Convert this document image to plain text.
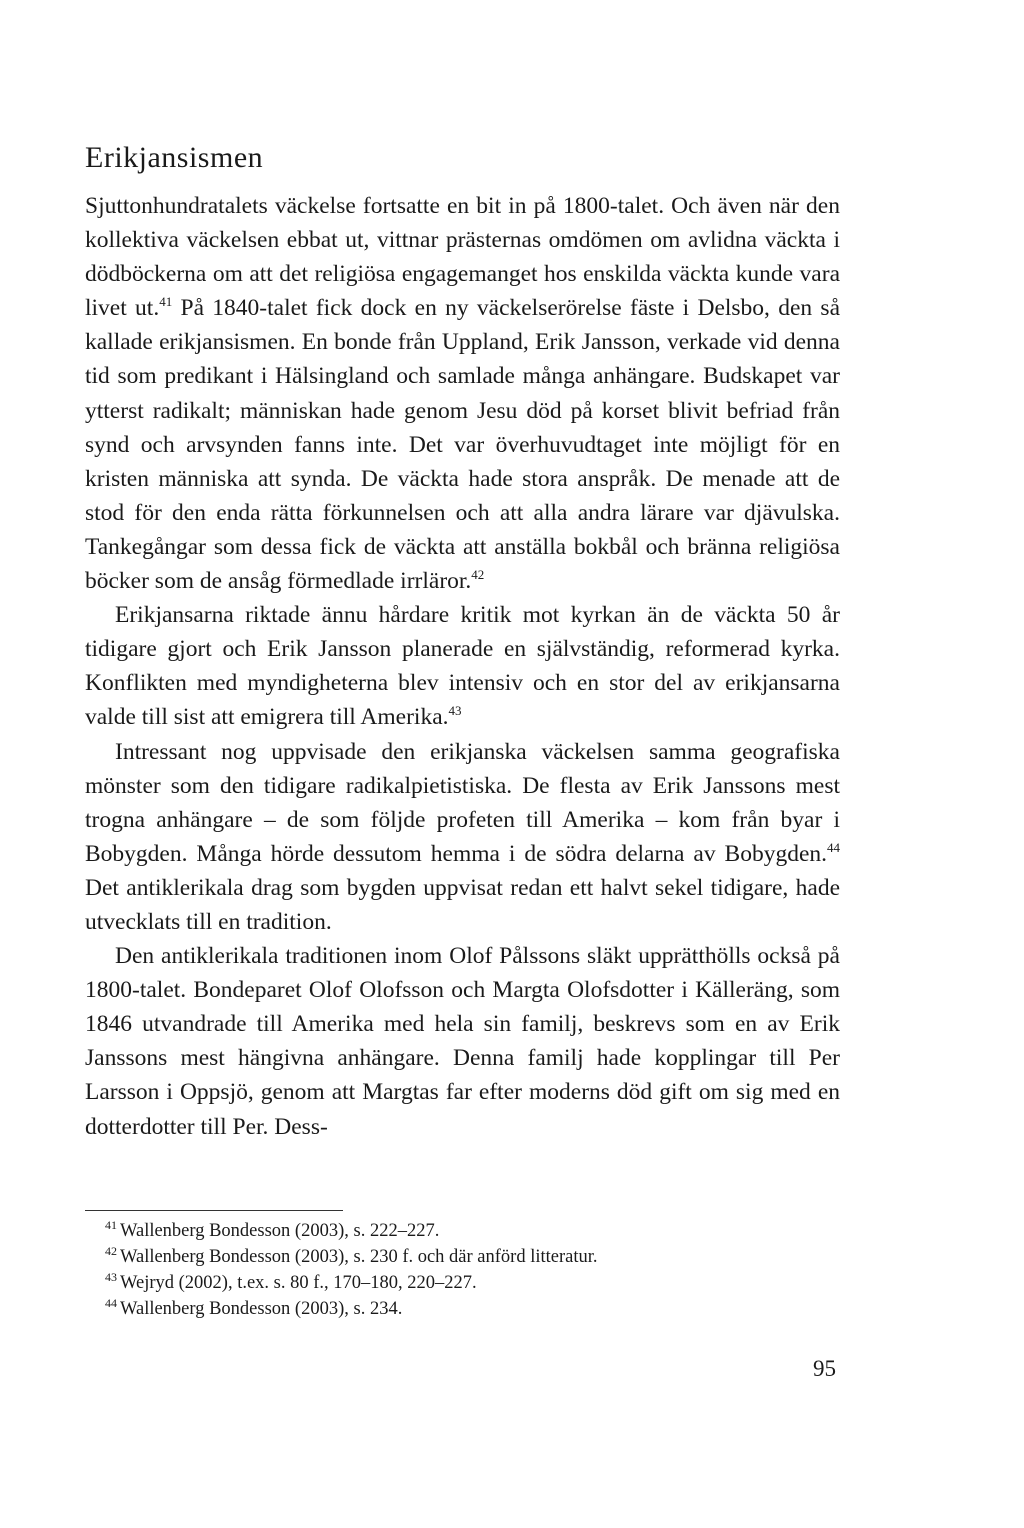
Erikjansismen

Sjuttonhundratalets väckelse fortsatte en bit in på 1800-talet. Och även när den kollektiva väckelsen ebbat ut, vittnar prästernas omdömen om avlidna väckta i dödböckerna om att det religiösa engagemanget hos enskilda väckta kunde vara livet ut.$^{41}$ På 1840-talet fick dock en ny väckelserörelse fäste i Delsbo, den så kallade erikjansismen. En bonde från Uppland, Erik Jansson, verkade vid denna tid som predikant i Hälsingland och samlade många anhängare. Budskapet var ytterst radikalt; människan hade genom Jesu död på korset blivit befriad från synd och arvsynden fanns inte. Det var överhuvudtaget inte möjligt för en kristen människa att synda. De väckta hade stora anspråk. De menade att de stod för den enda rätta förkunnelsen och att alla andra lärare var djävulska. Tankegångar som dessa fick de väckta att anställa bokbål och bränna religiösa böcker som de ansåg förmedlade irrläror.$^{42}$

Erikjansarna riktade ännu hårdare kritik mot kyrkan än de väckta 50 år tidigare gjort och Erik Jansson planerade en självständig, reformerad kyrka. Konflikten med myndigheterna blev intensiv och en stor del av erikjansarna valde till sist att emigrera till Amerika.$^{43}$

Intressant nog uppvisade den erikjanska väckelsen samma geografiska mönster som den tidigare radikalpietistiska. De flesta av Erik Janssons mest trogna anhängare – de som följde profeten till Amerika – kom från byar i Bobygden. Många hörde dessutom hemma i de södra delarna av Bobygden.$^{44}$ Det antiklerikala drag som bygden uppvisat redan ett halvt sekel tidigare, hade utvecklats till en tradition.

Den antiklerikala traditionen inom Olof Pålssons släkt upprätthölls också på 1800-talet. Bondeparet Olof Olofsson och Margta Olofsdotter i Källeräng, som 1846 utvandrade till Amerika med hela sin familj, beskrevs som en av Erik Janssons mest hängivna anhängare. Denna familj hade kopplingar till Per Larsson i Oppsjö, genom att Margtas far efter moderns död gift om sig med en dotterdotter till Per. Dess-

$^{41}$ Wallenberg Bondesson (2003), s. 222–227.
$^{42}$ Wallenberg Bondesson (2003), s. 230 f. och där anförd litteratur.
$^{43}$ Wejryd (2002), t.ex. s. 80 f., 170–180, 220–227.
$^{44}$ Wallenberg Bondesson (2003), s. 234.
95
